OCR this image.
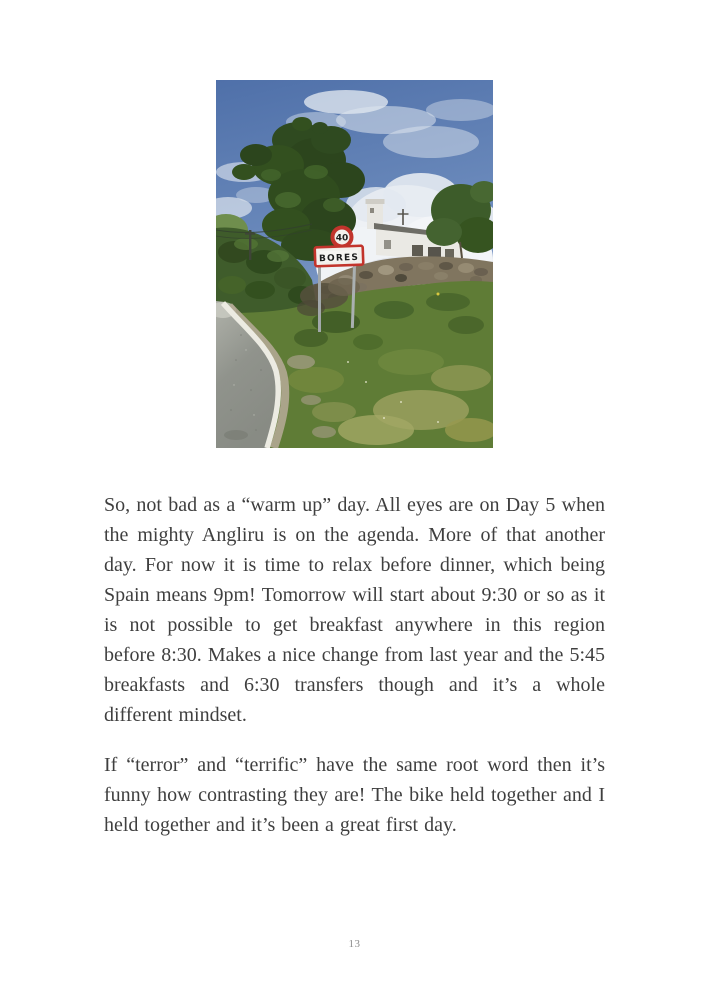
40
BORES

So, not bad as a “warm up” day. All eyes are on Day 5 when the mighty Angliru is on the agenda. More of that another day. For now it is time to relax before dinner, which being Spain means 9pm! Tomorrow will start about 9:30 or so as it is not possible to get breakfast anywhere in this region before 8:30. Makes a nice change from last year and the 5:45 breakfasts and 6:30 transfers though and it’s a whole different mindset.

If “terror” and “terrific” have the same root word then it’s funny how contrasting they are! The bike held together and I held together and it’s been a great first day.

13
